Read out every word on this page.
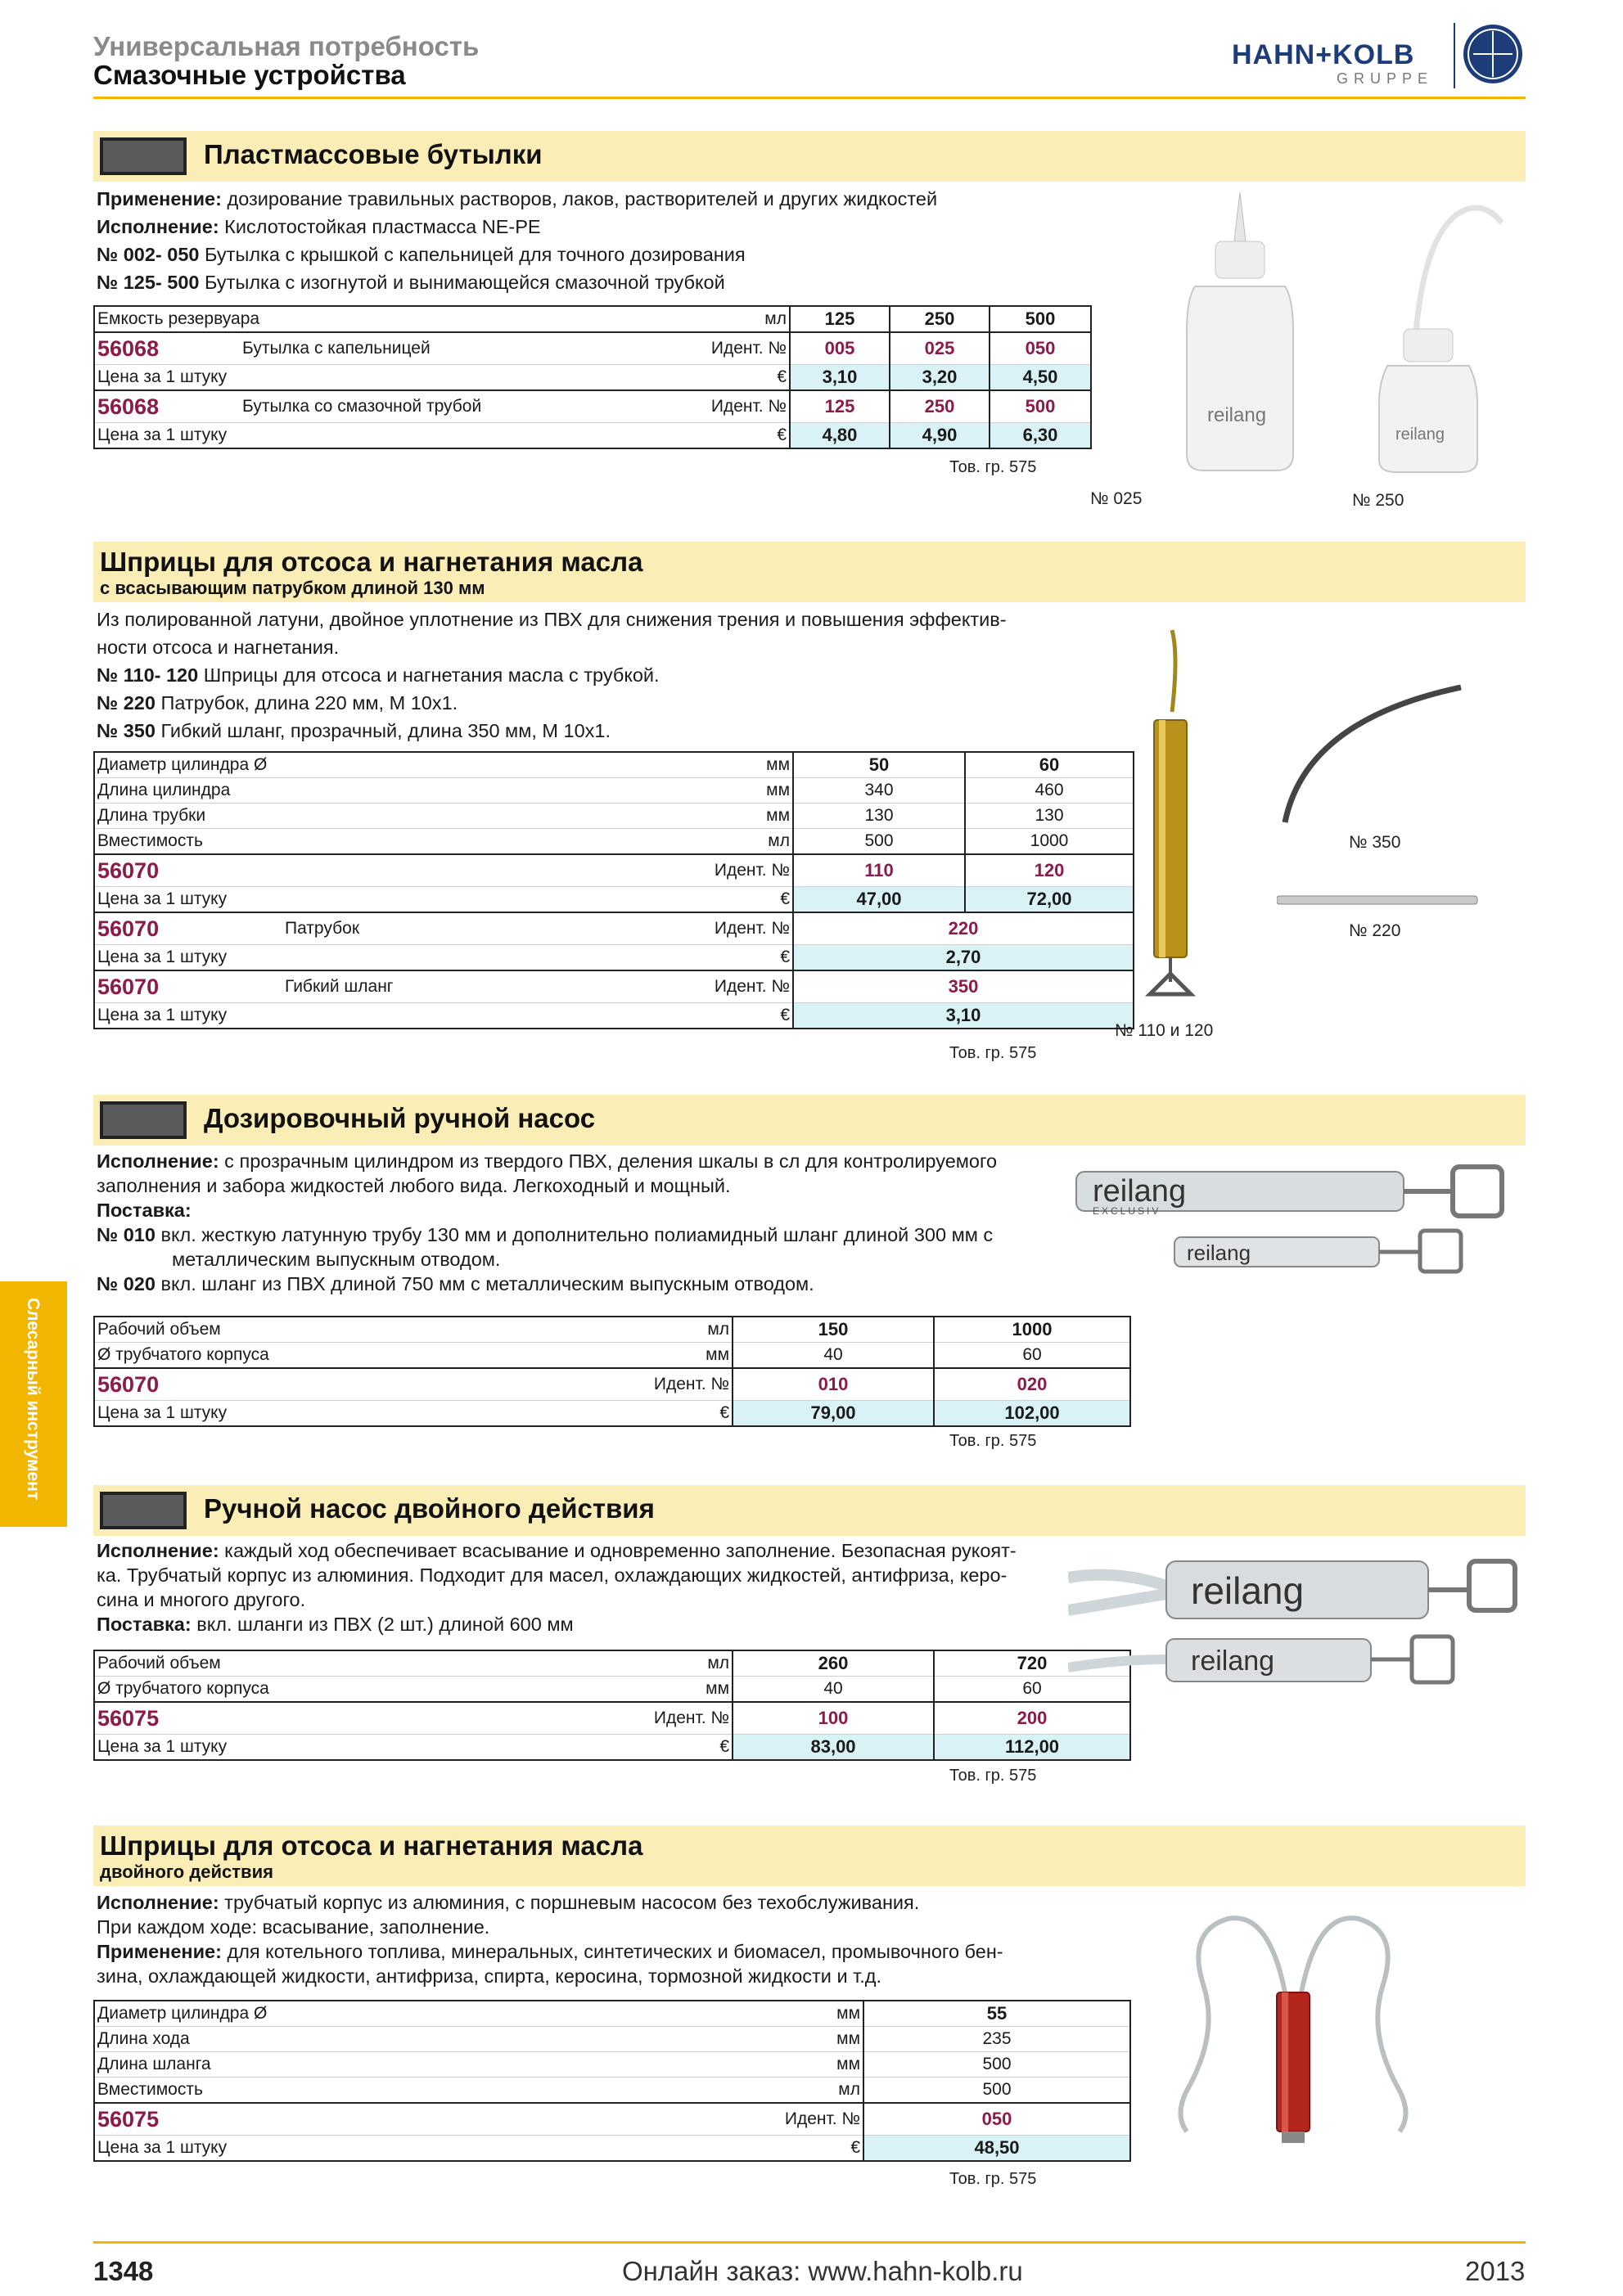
Универсальная потребность
Смазочные устройства
HAHN+KOLB
GRUPPE
Слесарный инструмент
Пластмассовые бутылки

Применение: дозирование травильных растворов, лаков, растворителей и других жидкостей

Исполнение: Кислотостойкая пластмасса NE-PE

№ 002- 050 Бутылка с крышкой с капельницей для точного дозирования

№ 125- 500 Бутылка с изогнутой и вынимающейся смазочной трубкой

Емкость резервуара		мл	125	250	500
56068	Бутылка с капельницей	Идент. №	005	025	050
Цена за 1 штуку		€	3,10	3,20	4,50
56068	Бутылка со смазочной трубой	Идент. №	125	250	500
Цена за 1 штуку		€	4,80	4,90	6,30
Тов. гр. 575
reilang
reilang
№ 025	№ 250
Шприцы для отсоса и нагнетания масла
с всасывающим патрубком длиной 130 мм

Из полированной латуни, двойное уплотнение из ПВХ для снижения трения и повышения эффектив-

ности отсоса и нагнетания.

№ 110- 120 Шприцы для отсоса и нагнетания масла с трубкой.

№ 220 Патрубок, длина 220 мм, M 10x1.

№ 350 Гибкий шланг, прозрачный, длина 350 мм, M 10x1.

Диаметр цилиндра Ø		мм	50	60
Длина цилиндра		мм	340	460
Длина трубки		мм	130	130
Вместимость		мл	500	1000
56070		Идент. №	110	120
Цена за 1 штуку		€	47,00	72,00
56070	Патрубок	Идент. №	220	
Цена за 1 штуку		€	2,70	
56070	Гибкий шланг	Идент. №	350	
Цена за 1 штуку		€	3,10	
Тов. гр. 575
№ 350
№ 220
№ 110 и 120
Дозировочный ручной насос

Исполнение: с прозрачным цилиндром из твердого ПВХ, деления шкалы в сл для контролируемого

заполнения и забора жидкостей любого вида. Легкоходный и мощный.

Поставка:

№ 010 вкл. жесткую латунную трубу 130 мм и дополнительно полиамидный шланг длиной 300 мм с

металлическим выпускным отводом.

№ 020 вкл. шланг из ПВХ длиной 750 мм с металлическим выпускным отводом.

Рабочий объем		мл	150	1000
Ø трубчатого корпуса		мм	40	60
56070		Идент. №	010	020
Цена за 1 штуку		€	79,00	102,00
Тов. гр. 575
reilang
EXCLUSIV
reilang
Ручной насос двойного действия

Исполнение: каждый ход обеспечивает всасывание и одновременно заполнение. Безопасная рукоят-

ка. Трубчатый корпус из алюминия. Подходит для масел, охлаждающих жидкостей, антифриза, керо-

сина и многого другого.

Поставка: вкл. шланги из ПВХ (2 шт.) длиной 600 мм

Рабочий объем		мл	260	720
Ø трубчатого корпуса		мм	40	60
56075		Идент. №	100	200
Цена за 1 штуку		€	83,00	112,00
Тов. гр. 575
reilang
reilang
Шприцы для отсоса и нагнетания масла
двойного действия

Исполнение: трубчатый корпус из алюминия, с поршневым насосом без техобслуживания.

При каждом ходе: всасывание, заполнение.

Применение: для котельного топлива, минеральных, синтетических и биомасел, промывочного бен-

зина, охлаждающей жидкости, антифриза, спирта, керосина, тормозной жидкости и т.д.

Диаметр цилиндра Ø		мм	55
Длина хода		мм	235
Длина шланга		мм	500
Вместимость		мл	500
56075		Идент. №	050
Цена за 1 штуку		€	48,50
Тов. гр. 575
1348	Онлайн заказ: www.hahn-kolb.ru	2013
